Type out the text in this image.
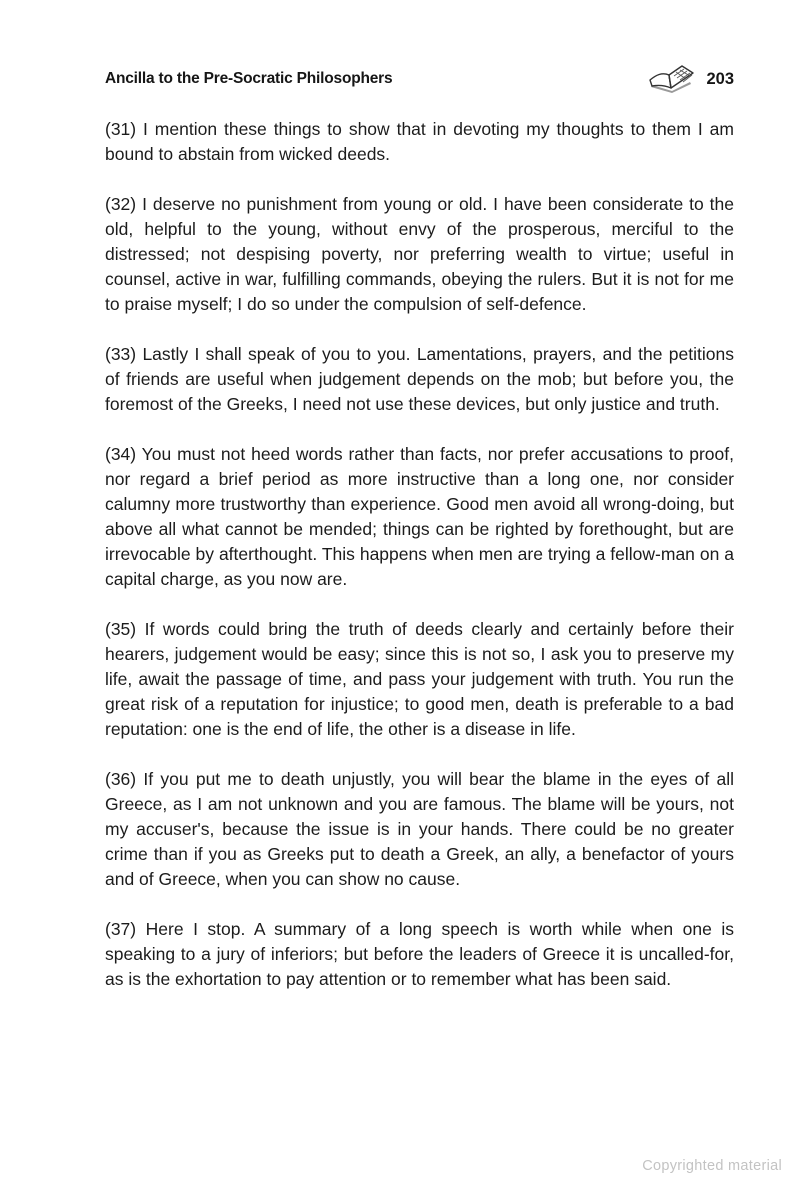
Ancilla to the Pre-Socratic Philosophers	203

(31) I mention these things to show that in devoting my thoughts to them I am bound to abstain from wicked deeds.

(32) I deserve no punishment from young or old. I have been considerate to the old, helpful to the young, without envy of the prosperous, merciful to the distressed; not despising poverty, nor preferring wealth to virtue; useful in counsel, active in war, fulfilling commands, obeying the rulers. But it is not for me to praise myself; I do so under the compulsion of self-defence.

(33) Lastly I shall speak of you to you. Lamentations, prayers, and the petitions of friends are useful when judgement depends on the mob; but before you, the foremost of the Greeks, I need not use these devices, but only justice and truth.

(34) You must not heed words rather than facts, nor prefer accusations to proof, nor regard a brief period as more instructive than a long one, nor consider calumny more trustworthy than experience. Good men avoid all wrong-doing, but above all what cannot be mended; things can be righted by forethought, but are irrevocable by afterthought. This happens when men are trying a fellow-man on a capital charge, as you now are.

(35) If words could bring the truth of deeds clearly and certainly before their hearers, judgement would be easy; since this is not so, I ask you to preserve my life, await the passage of time, and pass your judgement with truth. You run the great risk of a reputation for injustice; to good men, death is preferable to a bad reputation: one is the end of life, the other is a disease in life.

(36) If you put me to death unjustly, you will bear the blame in the eyes of all Greece, as I am not unknown and you are famous. The blame will be yours, not my accuser's, because the issue is in your hands. There could be no greater crime than if you as Greeks put to death a Greek, an ally, a benefactor of yours and of Greece, when you can show no cause.

(37) Here I stop. A summary of a long speech is worth while when one is speaking to a jury of inferiors; but before the leaders of Greece it is uncalled-for, as is the exhortation to pay attention or to remember what has been said.

Copyrighted material
